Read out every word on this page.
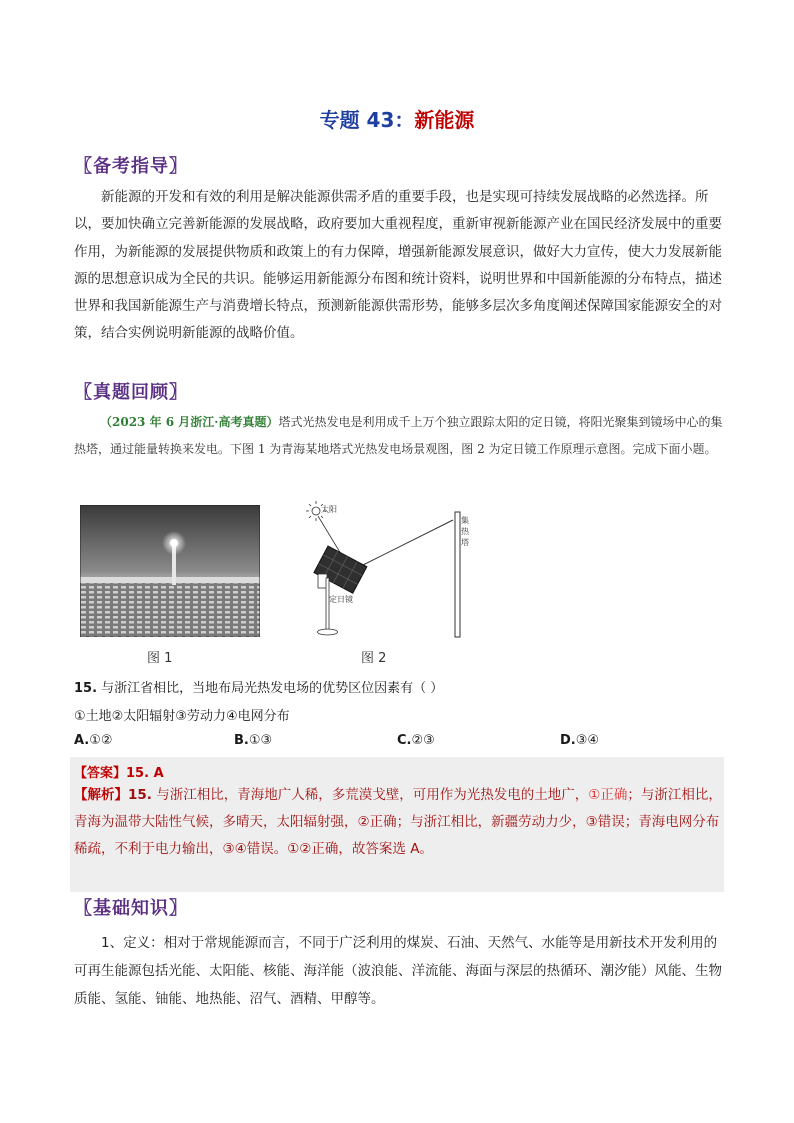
专题 43：新能源
〖备考指导〗
新能源的开发和有效的利用是解决能源供需矛盾的重要手段，也是实现可持续发展战略的必然选择。所以，要加快确立完善新能源的发展战略，政府要加大重视程度，重新审视新能源产业在国民经济发展中的重要作用，为新能源的发展提供物质和政策上的有力保障，增强新能源发展意识，做好大力宣传，使大力发展新能源的思想意识成为全民的共识。能够运用新能源分布图和统计资料，说明世界和中国新能源的分布特点，描述世界和我国新能源生产与消费增长特点，预测新能源供需形势，能够多层次多角度阐述保障国家能源安全的对策，结合实例说明新能源的战略价值。
〖真题回顾〗
（2023 年 6 月浙江·高考真题）塔式光热发电是利用成千上万个独立跟踪太阳的定日镜，将阳光聚集到镜场中心的集热塔，通过能量转换来发电。下图 1 为青海某地塔式光热发电场景观图，图 2 为定日镜工作原理示意图。完成下面小题。
图 1
太阳
集
热
塔
定日镜
图 2
15. 与浙江省相比，当地布局光热发电场的优势区位因素有（ ）
①土地②太阳辐射③劳动力④电网分布
A.①②	B.①③	C.②③	D.③④
【答案】15. A
【解析】15. 与浙江相比，青海地广人稀，多荒漠戈壁，可用作为光热发电的土地广，①正确；与浙江相比，青海为温带大陆性气候，多晴天，太阳辐射强，②正确；与浙江相比，新疆劳动力少，③错误；青海电网分布稀疏，不利于电力输出，③④错误。①②正确，故答案选 A。
〖基础知识〗
1、定义：相对于常规能源而言，不同于广泛利用的煤炭、石油、天然气、水能等是用新技术开发利用的可再生能源包括光能、太阳能、核能、海洋能（波浪能、洋流能、海面与深层的热循环、潮汐能）风能、生物质能、氢能、铀能、地热能、沼气、酒精、甲醇等。
